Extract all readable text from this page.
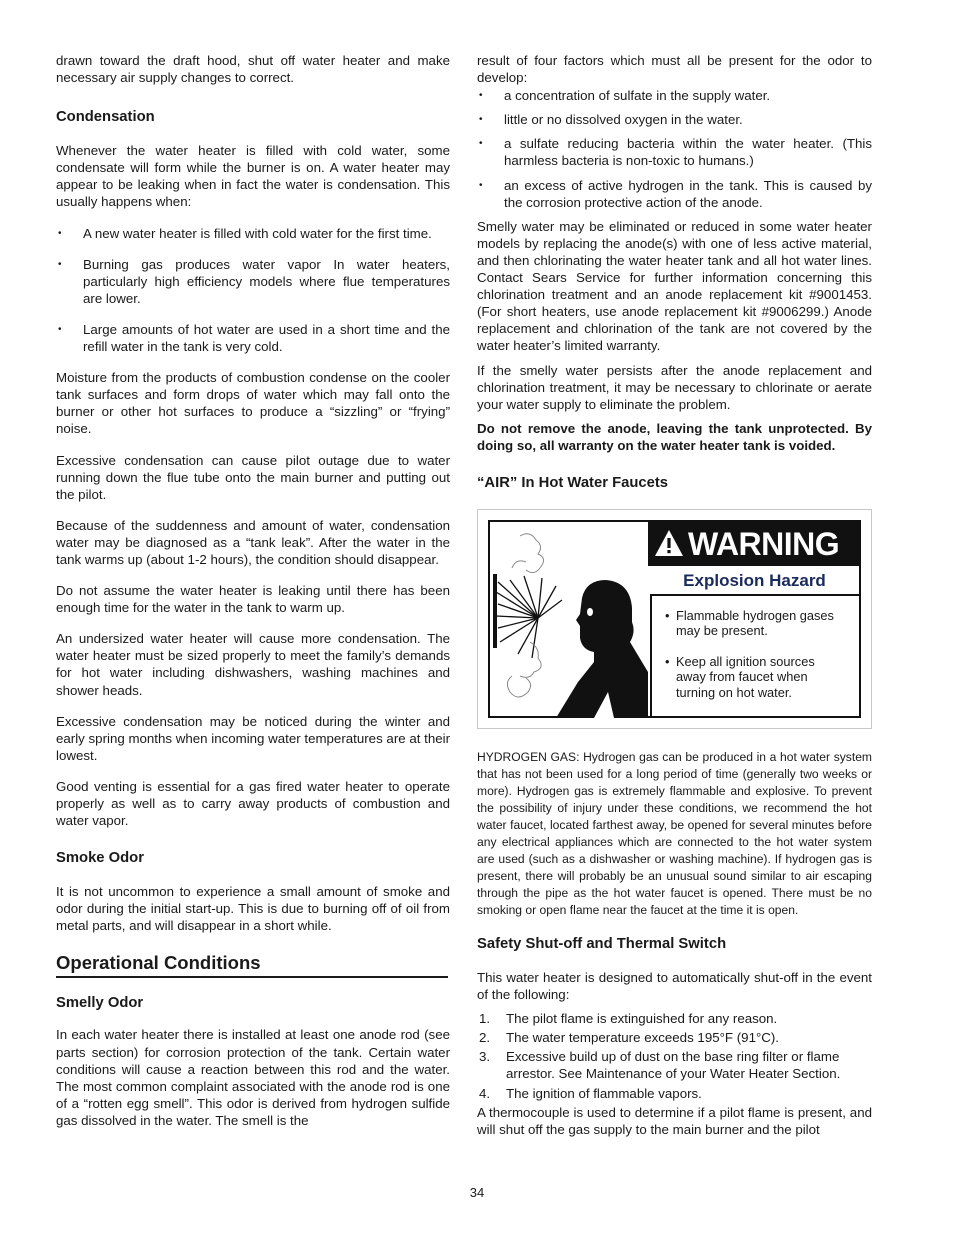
drawn toward the draft hood, shut off water heater and make necessary air supply changes to correct.

Condensation

Whenever the water heater is filled with cold water, some condensate will form while the burner is on. A water heater may appear to be leaking when in fact the water is condensation. This usually happens when:

• A new water heater is filled with cold water for the first time.
• Burning gas produces water vapor In water heaters, particularly high efficiency models where flue temperatures are lower.
• Large amounts of hot water are used in a short time and the refill water in the tank is very cold.

Moisture from the products of combustion condense on the cooler tank surfaces and form drops of water which may fall onto the burner or other hot surfaces to produce a “sizzling” or “frying” noise.

Excessive condensation can cause pilot outage due to water running down the flue tube onto the main burner and putting out the pilot.

Because of the suddenness and amount of water, condensation water may be diagnosed as a “tank leak”. After the water in the tank warms up (about 1-2 hours), the condition should disappear.

Do not assume the water heater is leaking until there has been enough time for the water in the tank to warm up.

An undersized water heater will cause more condensation. The water heater must be sized properly to meet the family’s demands for hot water including dishwashers, washing machines and shower heads.

Excessive condensation may be noticed during the winter and early spring months when incoming water temperatures are at their lowest.

Good venting is essential for a gas fired water heater to operate properly as well as to carry away products of combustion and water vapor.

Smoke Odor

It is not uncommon to experience a small amount of smoke and odor during the initial start-up. This is due to burning off of oil from metal parts, and will disappear in a short while.

Operational Conditions
Smelly Odor

In each water heater there is installed at least one anode rod (see parts section) for corrosion protection of the tank. Certain water conditions will cause a reaction between this rod and the water. The most common complaint associated with the anode rod is one of a “rotten egg smell”. This odor is derived from hydrogen sulfide gas dissolved in the water. The smell is the

result of four factors which must all be present for the odor to develop:

• a concentration of sulfate in the supply water.
• little or no dissolved oxygen in the water.
• a sulfate reducing bacteria within the water heater. (This harmless bacteria is non-toxic to humans.)
• an excess of active hydrogen in the tank. This is caused by the corrosion protective action of the anode.

Smelly water may be eliminated or reduced in some water heater models by replacing the anode(s) with one of less active material, and then chlorinating the water heater tank and all hot water lines. Contact Sears Service for further information concerning this chlorination treatment and an anode replacement kit #9001453. (For short heaters, use anode replacement kit #9006299.) Anode replacement and chlorination of the tank are not covered by the water heater’s limited warranty.

If the smelly water persists after the anode replacement and chlorination treatment, it may be necessary to chlorinate or aerate your water supply to eliminate the problem.

Do not remove the anode, leaving the tank unprotected. By doing so, all warranty on the water heater tank is voided.

“AIR” In Hot Water Faucets
WARNING
Explosion Hazard
• Flammable hydrogen gases may be present.
• Keep all ignition sources away from faucet when turning on hot water.

HYDROGEN GAS: Hydrogen gas can be produced in a hot water system that has not been used for a long period of time (generally two weeks or more). Hydrogen gas is extremely flammable and explosive. To prevent the possibility of injury under these conditions, we recommend the hot water faucet, located farthest away, be opened for several minutes before any electrical appliances which are connected to the hot water system are used (such as a dishwasher or washing machine). If hydrogen gas is present, there will probably be an unusual sound similar to air escaping through the pipe as the hot water faucet is opened. There must be no smoking or open flame near the faucet at the time it is open.

Safety Shut-off and Thermal Switch

This water heater is designed to automatically shut-off in the event of the following:

1. The pilot flame is extinguished for any reason.
2. The water temperature exceeds 195°F (91°C).
3. Excessive build up of dust on the base ring filter or flame arrestor. See Maintenance of your Water Heater Section.
4. The ignition of flammable vapors.

A thermocouple is used to determine if a pilot flame is present, and will shut off the gas supply to the main burner and the pilot

34
